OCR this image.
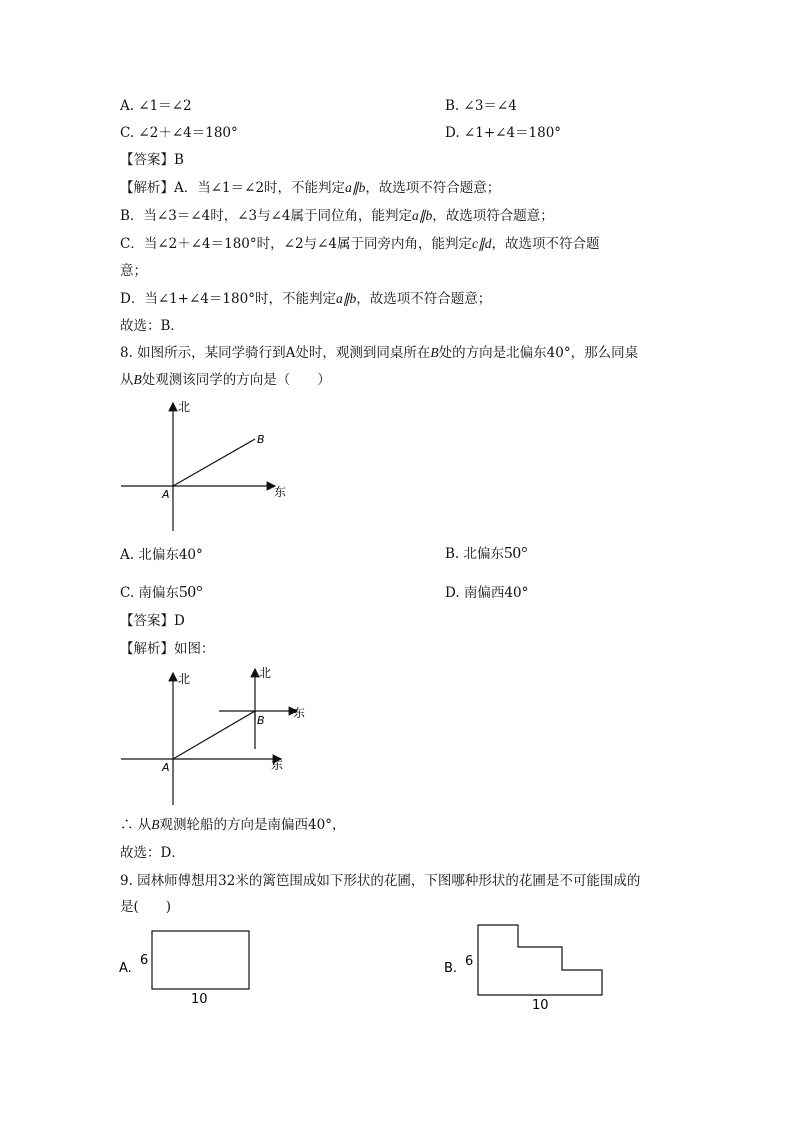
A. ∠1＝∠2	B. ∠3＝∠4
C. ∠2＋∠4＝180°	D. ∠1+∠4＝180°
【答案】B
【解析】A．当∠1＝∠2时，不能判定a∥b，故选项不符合题意；
B．当∠3＝∠4时，∠3与∠4属于同位角，能判定a∥b，故选项符合题意；
C．当∠2＋∠4＝180°时，∠2与∠4属于同旁内角，能判定c∥d，故选项不符合题
意；
D．当∠1+∠4＝180°时，不能判定a∥b，故选项不符合题意；
故选：B．
8. 如图所示，某同学骑行到A处时，观测到同桌所在B处的方向是北偏东40°，那么同桌
从B处观测该同学的方向是（　　）
北
东
A
B
A. 北偏东40°	B. 北偏东50°
C. 南偏东50°	D. 南偏西40°
【答案】D
【解析】如图：
北
东
北
东
A
B
∴ 从B观测轮船的方向是南偏西40°，
故选：D．
9. 园林师傅想用32米的篱笆围成如下形状的花圃，下图哪种形状的花圃是不可能围成的
是(　　)
A.
6
10
B. 6
10
